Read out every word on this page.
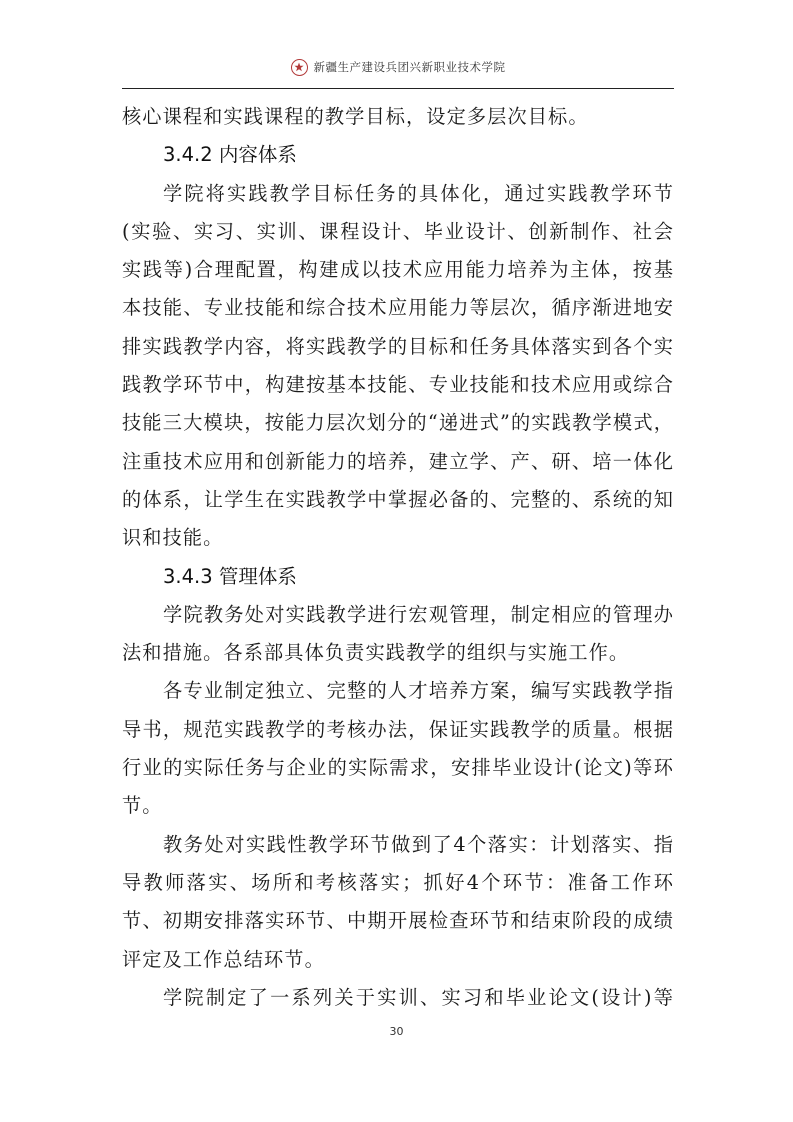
新疆生产建设兵团兴新职业技术学院

核心课程和实践课程的教学目标，设定多层次目标。

3.4.2 内容体系

学院将实践教学目标任务的具体化，通过实践教学环节(实验、实习、实训、课程设计、毕业设计、创新制作、社会实践等)合理配置，构建成以技术应用能力培养为主体，按基本技能、专业技能和综合技术应用能力等层次，循序渐进地安排实践教学内容，将实践教学的目标和任务具体落实到各个实践教学环节中，构建按基本技能、专业技能和技术应用或综合技能三大模块，按能力层次划分的“递进式”的实践教学模式，注重技术应用和创新能力的培养，建立学、产、研、培一体化的体系，让学生在实践教学中掌握必备的、完整的、系统的知识和技能。

3.4.3 管理体系

学院教务处对实践教学进行宏观管理，制定相应的管理办法和措施。各系部具体负责实践教学的组织与实施工作。

各专业制定独立、完整的人才培养方案，编写实践教学指导书，规范实践教学的考核办法，保证实践教学的质量。根据行业的实际任务与企业的实际需求，安排毕业设计(论文)等环节。

教务处对实践性教学环节做到了4个落实：计划落实、指导教师落实、场所和考核落实；抓好4个环节：准备工作环节、初期安排落实环节、中期开展检查环节和结束阶段的成绩评定及工作总结环节。

学院制定了一系列关于实训、实习和毕业论文(设计)等

30
